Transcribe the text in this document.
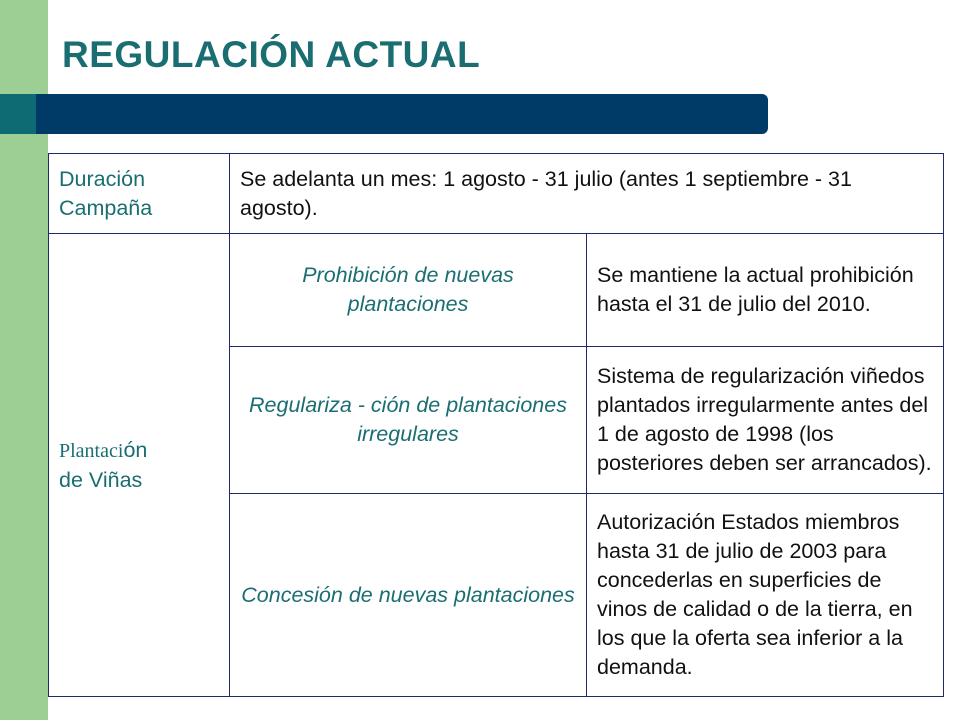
REGULACIÓN ACTUAL
Duración
Campaña	Se adelanta un mes: 1 agosto - 31 julio (antes 1 septiembre - 31 agosto).	
Plantación
de Viñas	Prohibición de nuevas plantaciones	Se mantiene la actual prohibición hasta el 31 de julio del 2010.
	Regulariza - ción de plantaciones irregulares	Sistema de regularización viñedos plantados irregularmente antes del 1 de agosto de 1998 (los posteriores deben ser arrancados).
	Concesión de nuevas plantaciones	Autorización Estados miembros hasta 31 de julio de 2003 para concederlas en superficies de vinos de calidad o de la tierra, en los que la oferta sea inferior a la demanda.
